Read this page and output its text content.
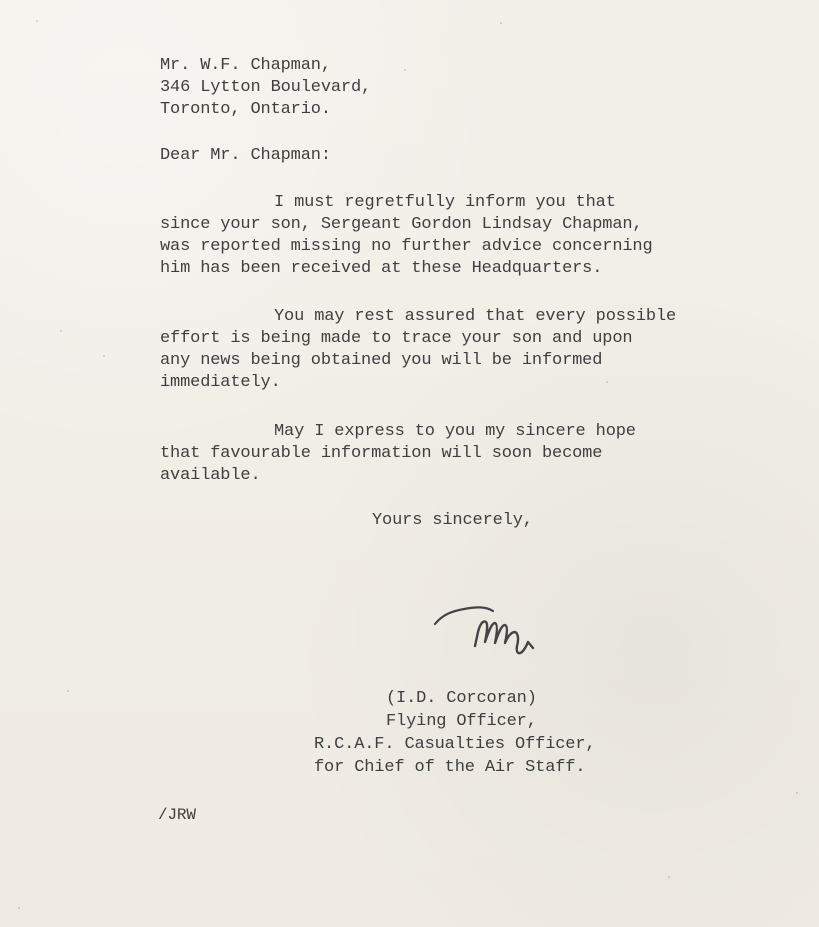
Mr. W.F. Chapman,
346 Lytton Boulevard,
Toronto, Ontario.
Dear Mr. Chapman:
I must regretfully inform you that
since your son, Sergeant Gordon Lindsay Chapman,
was reported missing no further advice concerning
him has been received at these Headquarters.
You may rest assured that every possible
effort is being made to trace your son and upon
any news being obtained you will be informed
immediately.
May I express to you my sincere hope
that favourable information will soon become
available.
Yours sincerely,
(I.D. Corcoran)
Flying Officer,
R.C.A.F. Casualties Officer,
for Chief of the Air Staff.
/JRW
